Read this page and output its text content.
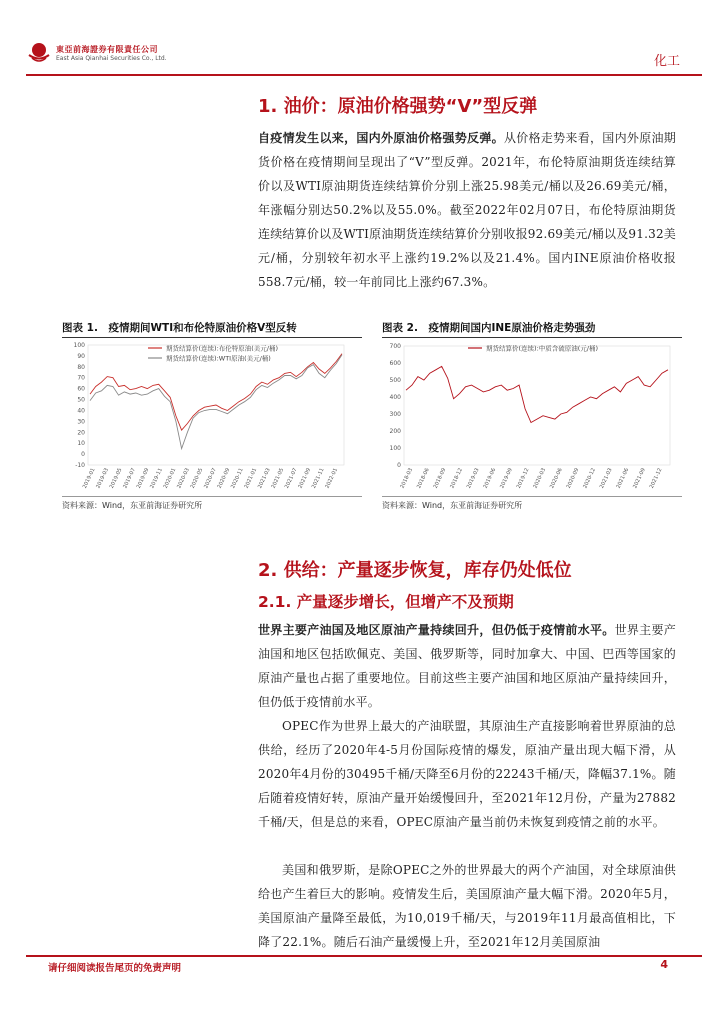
東亞前海證券有限責任公司
East Asia Qianhai Securities Co., Ltd.	化工
1. 油价：原油价格强势“V”型反弹

自疫情发生以来，国内外原油价格强势反弹。从价格走势来看，国内外原油期货价格在疫情期间呈现出了“V”型反弹。2021年，布伦特原油期货连续结算价以及WTI原油期货连续结算价分别上涨25.98美元/桶以及26.69美元/桶，年涨幅分别达50.2%以及55.0%。截至2022年02月07日，布伦特原油期货连续结算价以及WTI原油期货连续结算价分别收报92.69美元/桶以及91.32美元/桶，分别较年初水平上涨约19.2%以及21.4%。国内INE原油价格收报558.7元/桶，较一年前同比上涨约67.3%。

图表 1.　疫情期间WTI和布伦特原油价格V型反转
期货结算价(连续):布伦特原油(美元/桶)
期货结算价(连续):WTI原油(美元/桶)
100
90
80
70
60
50
40
30
20
10
0
-10
2019-01
2019-03
2019-05
2019-07
2019-09
2019-11
2020-01
2020-03
2020-05
2020-07
2020-09
2020-11
2021-01
2021-03
2021-05
2021-07
2021-09
2021-11
2022-01
资料来源：Wind，东亚前海证券研究所
图表 2.　疫情期间国内INE原油价格走势强劲
期货结算价(连续):中质含硫原油(元/桶)
700
600
500
400
300
200
100
0
2018-03 2018-06 2018-09 2018-12 2019-03 2019-06 2019-09 2019-12 2020-03 2020-06 2020-09 2020-12 2021-03 2021-06 2021-09 2021-12
资料来源：Wind，东亚前海证券研究所
2. 供给：产量逐步恢复，库存仍处低位
2.1. 产量逐步增长，但增产不及预期

世界主要产油国及地区原油产量持续回升，但仍低于疫情前水平。世界主要产油国和地区包括欧佩克、美国、俄罗斯等，同时加拿大、中国、巴西等国家的原油产量也占据了重要地位。目前这些主要产油国和地区原油产量持续回升，但仍低于疫情前水平。

OPEC作为世界上最大的产油联盟，其原油生产直接影响着世界原油的总供给，经历了2020年4-5月份国际疫情的爆发，原油产量出现大幅下滑，从2020年4月份的30495千桶/天降至6月份的22243千桶/天，降幅37.1%。随后随着疫情好转，原油产量开始缓慢回升，至2021年12月份，产量为27882千桶/天，但是总的来看，OPEC原油产量当前仍未恢复到疫情之前的水平。

美国和俄罗斯，是除OPEC之外的世界最大的两个产油国，对全球原油供给也产生着巨大的影响。疫情发生后，美国原油产量大幅下滑。2020年5月，美国原油产量降至最低，为10,019千桶/天，与2019年11月最高值相比，下降了22.1%。随后石油产量缓慢上升，至2021年12月美国原油

请仔细阅读报告尾页的免责声明	4
